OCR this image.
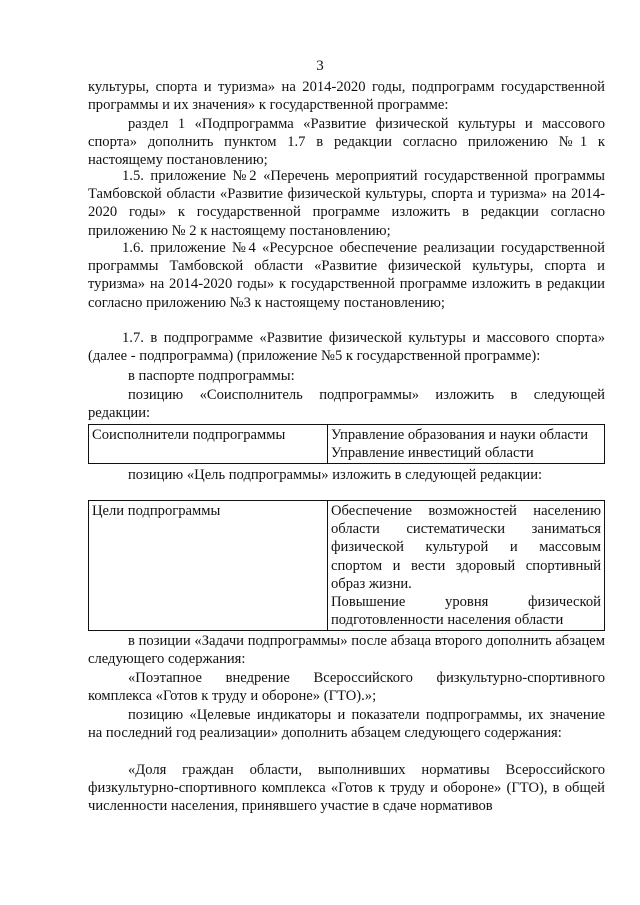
3

культуры, спорта и туризма» на 2014-2020 годы, подпрограмм государственной программы и их значения» к государственной программе:

раздел 1 «Подпрограмма «Развитие физической культуры и массового спорта» дополнить пунктом 1.7 в редакции согласно приложению №1 к настоящему постановлению;

1.5. приложение №2 «Перечень мероприятий государственной программы Тамбовской области «Развитие физической культуры, спорта и туризма» на 2014-2020 годы» к государственной программе изложить в редакции согласно приложению № 2 к настоящему постановлению;

1.6. приложение №4 «Ресурсное обеспечение реализации государственной программы Тамбовской области «Развитие физической культуры, спорта и туризма» на 2014-2020 годы» к государственной программе изложить в редакции согласно приложению №3 к настоящему постановлению;

1.7. в подпрограмме «Развитие физической культуры и массового спорта» (далее - подпрограмма) (приложение №5 к государственной программе):

в паспорте подпрограммы:

позицию «Соисполнитель подпрограммы» изложить в следующей редакции:

Соисполнители подпрограммы	Управление образования и науки области
Управление инвестиций области

позицию «Цель подпрограммы» изложить в следующей редакции:

Цели подпрограммы	Обеспечение возможностей населению области систематически заниматься физической культурой и массовым спортом и вести здоровый спортивный образ жизни.
Повышение уровня физической подготовленности населения области

в позиции «Задачи подпрограммы» после абзаца второго дополнить абзацем следующего содержания:

«Поэтапное внедрение Всероссийского физкультурно-спортивного комплекса «Готов к труду и обороне» (ГТО).»;

позицию «Целевые индикаторы и показатели подпрограммы, их значение на последний год реализации» дополнить абзацем следующего содержания:

«Доля граждан области, выполнивших нормативы Всероссийского физкультурно-спортивного комплекса «Готов к труду и обороне» (ГТО), в общей численности населения, принявшего участие в сдаче нормативов
